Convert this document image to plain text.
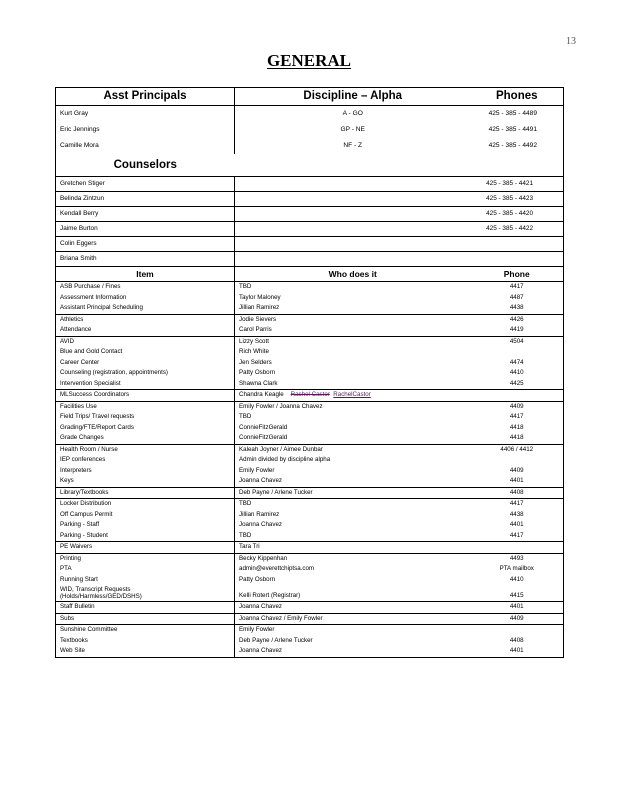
13
GENERAL
Asst Principals	Discipline – Alpha	Phones
Kurt Gray	A - GO	425 - 385 - 4489
Eric Jennings	GP - NE	425 - 385 - 4491
Camille Mora	NF - Z	425 - 385 - 4492
Counselors		
Gretchen Stiger		425 - 385 - 4421
Belinda Zintzun		425 - 385 - 4423
Kendall Berry		425 - 385 - 4420
Jaime Burton		425 - 385 - 4422
Colin Eggers		
Briana Smith		
Item	Who does it	Phone
ASB Purchase / Fines	TBD	4417
Assessment Information	Taylor Maloney	4487
Assistant Principal Scheduling	Jillian Ramirez	4438
Athletics	Jodie Sievers	4426
Attendance	Carol Parris	4419
AVID	Lizzy Scott	4504
Blue and Gold Contact	Rich White	
Career Center	Jen Selders	4474
Counseling (registration, appointments)	Patty Osborn	4410
Intervention Specialist	Shawna Clark	4425
MLSuccess Coordinators	Chandra Keagle Rachel Castor RachelCastor	
Facilities Use	Emily Fowler / Joanna Chavez	4409
Field Trips/ Travel requests	TBD	4417
Grading/FTE/Report Cards	ConnieFitzGerald	4418
Grade Changes	ConnieFitzGerald	4418
Health Room / Nurse	Kaleah Joyner / Aimee Dunbar	4406 / 4412
IEP conferences	Admin divided by discipline alpha	
Interpreters	Emily Fowler	4409
Keys	Joanna Chavez	4401
Library/Textbooks	Deb Payne / Arlene Tucker	4408
Locker Distribution	TBD	4417
Off Campus Permit	Jillian Ramirez	4438
Parking - Staff	Joanna Chavez	4401
Parking - Student	TBD	4417
PE Waivers	Tara Tri	
Printing	Becky Kippenhan	4493
PTA	admin@everettchiptsa.com	PTA mailbox
Running Start	Patty Osborn	4410
WID, Transcript Requests
(Holds/Harmless/GED/DSHS)	Kelli Rotert (Registrar)	4415
Staff Bulletin	Joanna Chavez	4401
Subs	Joanna Chavez / Emily Fowler	4409
Sunshine Committee	Emily Fowler	
Textbooks	Deb Payne / Arlene Tucker	4408
Web Site	Joanna Chavez	4401
